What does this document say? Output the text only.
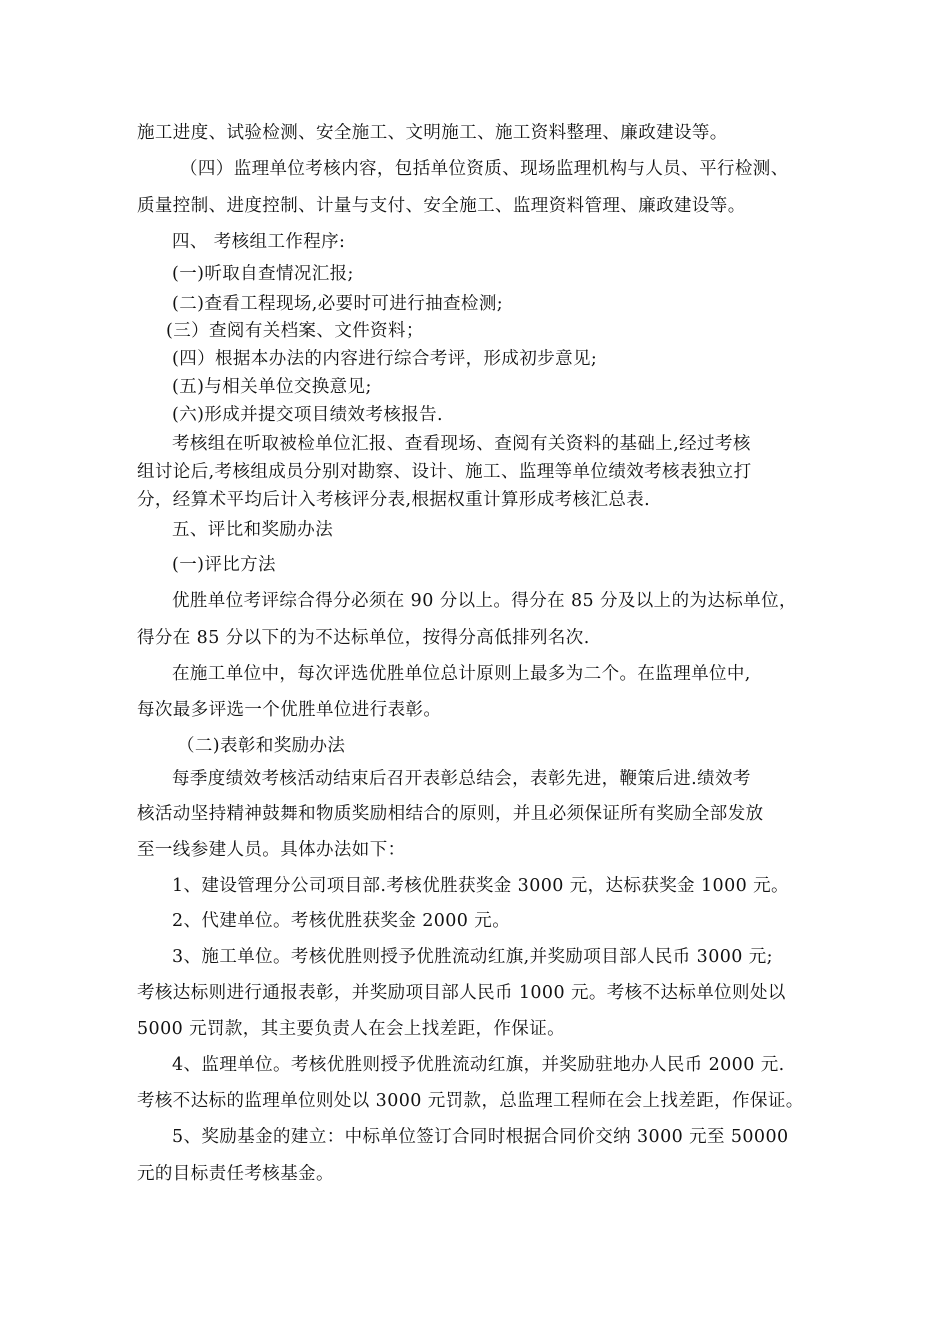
施工进度、试验检测、安全施工、文明施工、施工资料整理、廉政建设等。

（四）监理单位考核内容，包括单位资质、现场监理机构与人员、平行检测、

质量控制、进度控制、计量与支付、安全施工、监理资料管理、廉政建设等。

四、 考核组工作程序:

(一)听取自查情况汇报;

(二)查看工程现场,必要时可进行抽查检测;

(三）查阅有关档案、文件资料；

(四）根据本办法的内容进行综合考评，形成初步意见;

(五)与相关单位交换意见;

(六)形成并提交项目绩效考核报告.

考核组在听取被检单位汇报、查看现场、查阅有关资料的基础上,经过考核

组讨论后,考核组成员分别对勘察、设计、施工、监理等单位绩效考核表独立打

分，经算术平均后计入考核评分表,根据权重计算形成考核汇总表.

五、评比和奖励办法

(一)评比方法

优胜单位考评综合得分必须在 90 分以上。得分在 85 分及以上的为达标单位，

得分在 85 分以下的为不达标单位，按得分高低排列名次.

在施工单位中，每次评选优胜单位总计原则上最多为二个。在监理单位中,

每次最多评选一个优胜单位进行表彰。

（二)表彰和奖励办法

每季度绩效考核活动结束后召开表彰总结会，表彰先进，鞭策后进.绩效考

核活动坚持精神鼓舞和物质奖励相结合的原则，并且必须保证所有奖励全部发放

至一线参建人员。具体办法如下：

1、建设管理分公司项目部.考核优胜获奖金 3000 元，达标获奖金 1000 元。

2、代建单位。考核优胜获奖金 2000 元。

3、施工单位。考核优胜则授予优胜流动红旗,并奖励项目部人民币 3000 元;

考核达标则进行通报表彰，并奖励项目部人民币 1000 元。考核不达标单位则处以

5000 元罚款，其主要负责人在会上找差距，作保证。

4、监理单位。考核优胜则授予优胜流动红旗，并奖励驻地办人民币 2000 元.

考核不达标的监理单位则处以 3000 元罚款，总监理工程师在会上找差距，作保证。

5、奖励基金的建立：中标单位签订合同时根据合同价交纳 3000 元至 50000

元的目标责任考核基金。
